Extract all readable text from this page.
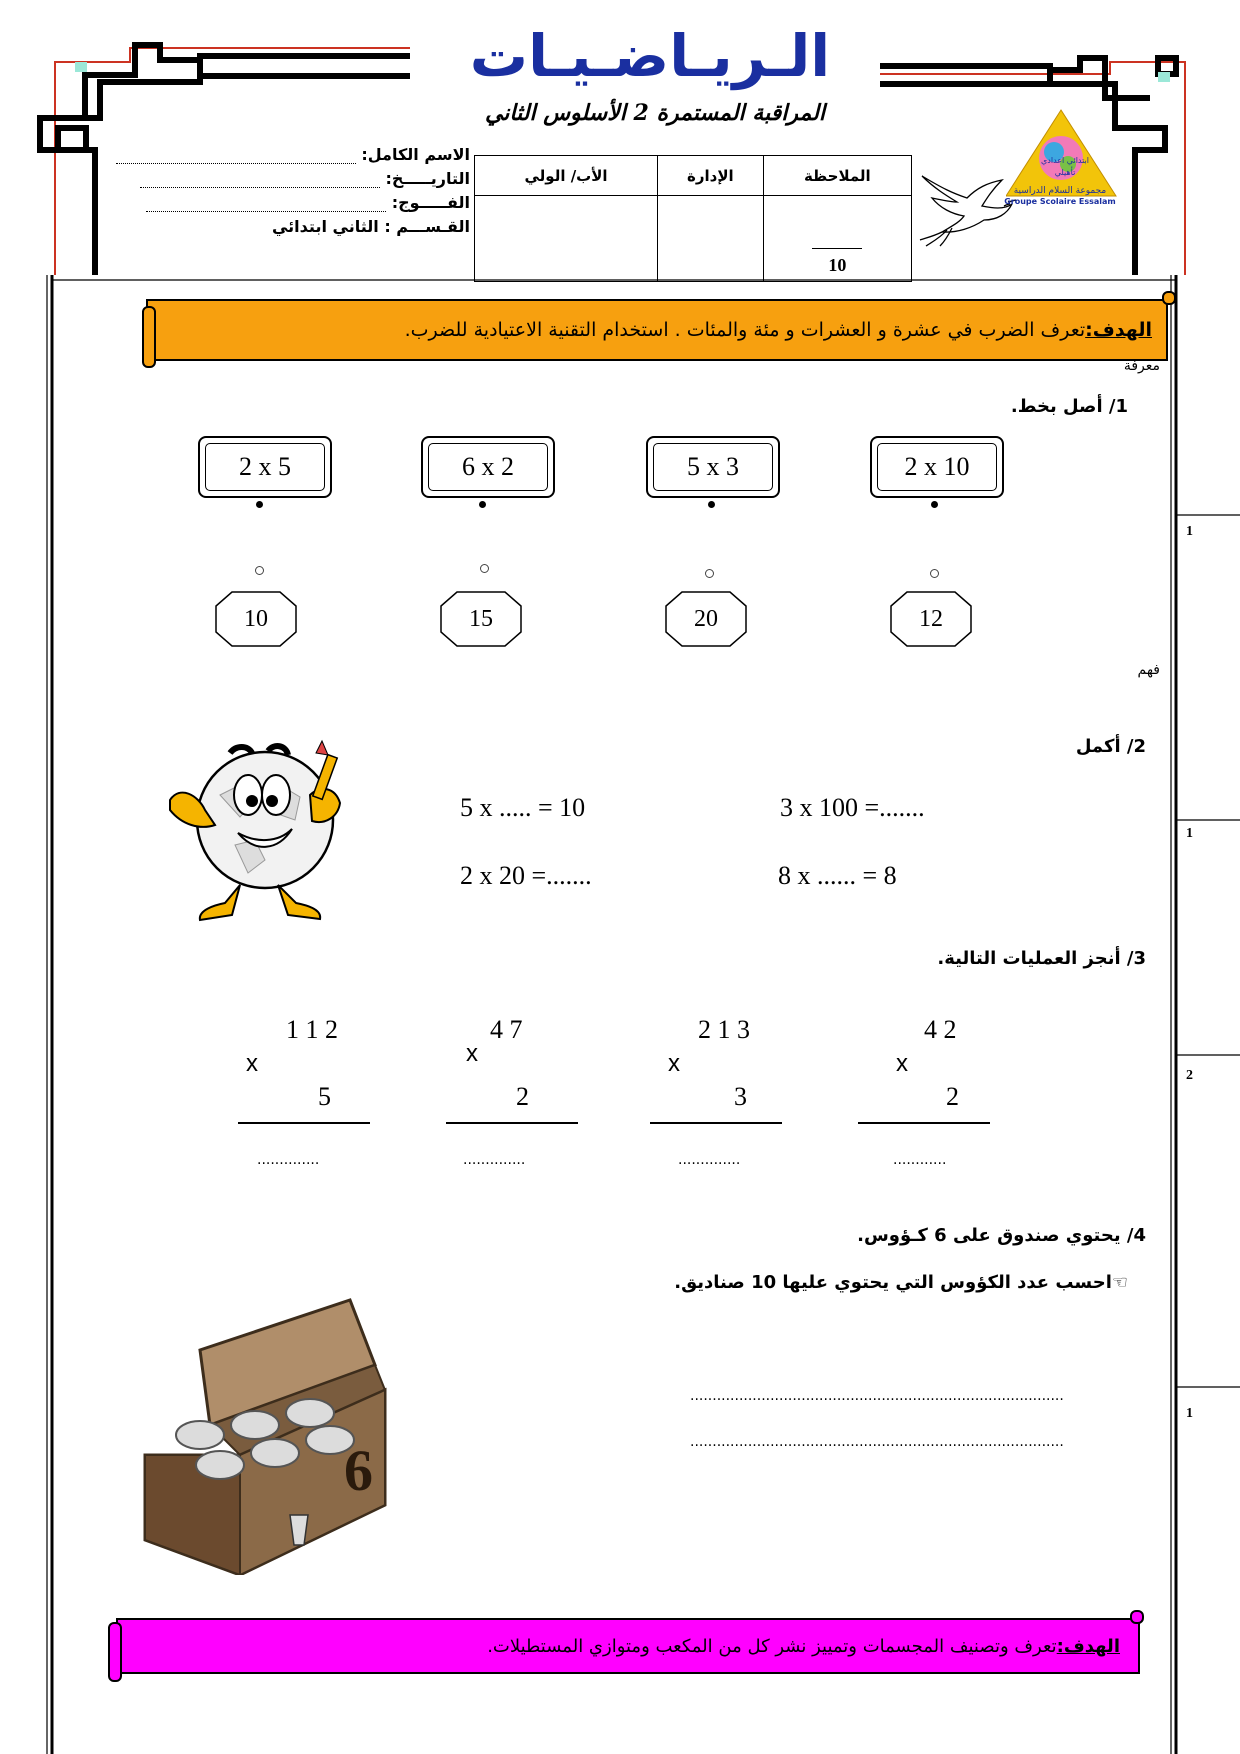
الـريـاضـيـات
المراقبة المستمرة 2 الأسلوس الثاني
الاسم الكامل:
التاريـــــخ:
الفـــــوج:
القـســـم : الثاني ابتدائي
الملاحظة	الإدارة	الأب/ الولي

10		

ابتدائي اعدادي
تأهيلي
مجموعة السلام الدراسية
Groupe Scolaire Essalam
الهدف:
تعرف الضرب في عشرة و العشرات و مئة والمئات . استخدام التقنية الاعتيادية للضرب.
معرفة
1/ أصل بخط.
2 x 5	6 x 2	5 x 3	2 x 10
10	15	20	12
فهم
2/ أكمل
5 x ..... = 10	3 x 100 =.......
2 x 20 =.......	8 x ...... = 8
3/ أنجز العمليات التالية.
1 1 2
x
5
..............
4 7
x
2
..............
2 1 3
x
3
..............
4 2
x
2
............
4/ يحتوي صندوق على 6 كـؤوس.
☜احسب عدد الكؤوس التي يحتوي عليها 10 صناديق.
6
....................................................................................
....................................................................................
1
1
2
1
الهدف:
تعرف وتصنيف المجسمات وتمييز نشر كل من المكعب ومتوازي المستطيلات.
